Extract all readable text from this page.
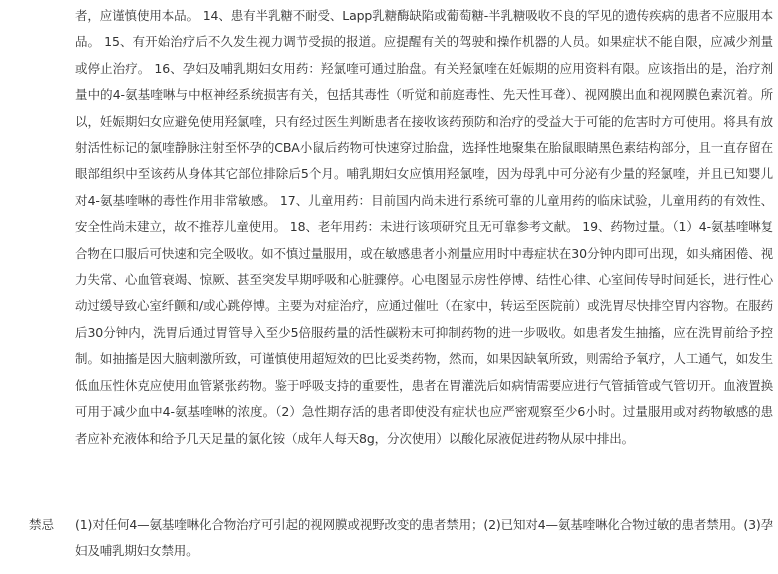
者，应谨慎使用本品。 14、患有半乳糖不耐受、Lapp乳糖酶缺陷或葡萄糖-半乳糖吸收不良的罕见的遗传疾病的患者不应服用本品。 15、有开始治疗后不久发生视力调节受损的报道。应提醒有关的驾驶和操作机器的人员。如果症状不能自限，应减少剂量或停止治疗。 16、孕妇及哺乳期妇女用药：羟氯喹可通过胎盘。有关羟氯喹在妊娠期的应用资料有限。应该指出的是，治疗剂量中的4-氨基喹啉与中枢神经系统损害有关，包括其毒性（听觉和前庭毒性、先天性耳聋）、视网膜出血和视网膜色素沉着。所以，妊娠期妇女应避免使用羟氯喹，只有经过医生判断患者在接收该药预防和治疗的受益大于可能的危害时方可使用。将具有放射活性标记的氯喹静脉注射至怀孕的CBA小鼠后药物可快速穿过胎盘，选择性地聚集在胎鼠眼睛黑色素结构部分，且一直存留在眼部组织中至该药从身体其它部位排除后5个月。哺乳期妇女应慎用羟氯喹，因为母乳中可分泌有少量的羟氯喹，并且已知婴儿对4-氨基喹啉的毒性作用非常敏感。 17、儿童用药：目前国内尚未进行系统可靠的儿童用药的临床试验，儿童用药的有效性、安全性尚未建立，故不推荐儿童使用。 18、老年用药：未进行该项研究且无可靠参考文献。 19、药物过量。（1）4-氨基喹啉复合物在口服后可快速和完全吸收。如不慎过量服用，或在敏感患者小剂量应用时中毒症状在30分钟内即可出现，如头痛困倦、视力失常、心血管衰竭、惊厥、甚至突发早期呼吸和心脏骤停。心电图显示房性停博、结性心律、心室间传导时间延长，进行性心动过缓导致心室纤颤和/或心跳停博。主要为对症治疗，应通过催吐（在家中，转运至医院前）或洗胃尽快排空胃内容物。在服药后30分钟内，洗胃后通过胃管导入至少5倍服药量的活性碳粉末可抑制药物的进一步吸收。如患者发生抽搐，应在洗胃前给予控制。如抽搐是因大脑刺激所致，可谨慎使用超短效的巴比妥类药物，然而，如果因缺氧所致，则需给予氧疗，人工通气，如发生低血压性休克应使用血管紧张药物。鉴于呼吸支持的重要性，患者在胃灌洗后如病情需要应进行气管插管或气管切开。血液置换可用于减少血中4-氨基喹啉的浓度。（2）急性期存活的患者即使没有症状也应严密观察至少6小时。过量服用或对药物敏感的患者应补充液体和给予几天足量的氯化铵（成年人每天8g，分次使用）以酸化尿液促进药物从尿中排出。
禁忌	(1)对任何4—氨基喹啉化合物治疗可引起的视网膜或视野改变的患者禁用；(2)已知对4—氨基喹啉化合物过敏的患者禁用。(3)孕妇及哺乳期妇女禁用。
